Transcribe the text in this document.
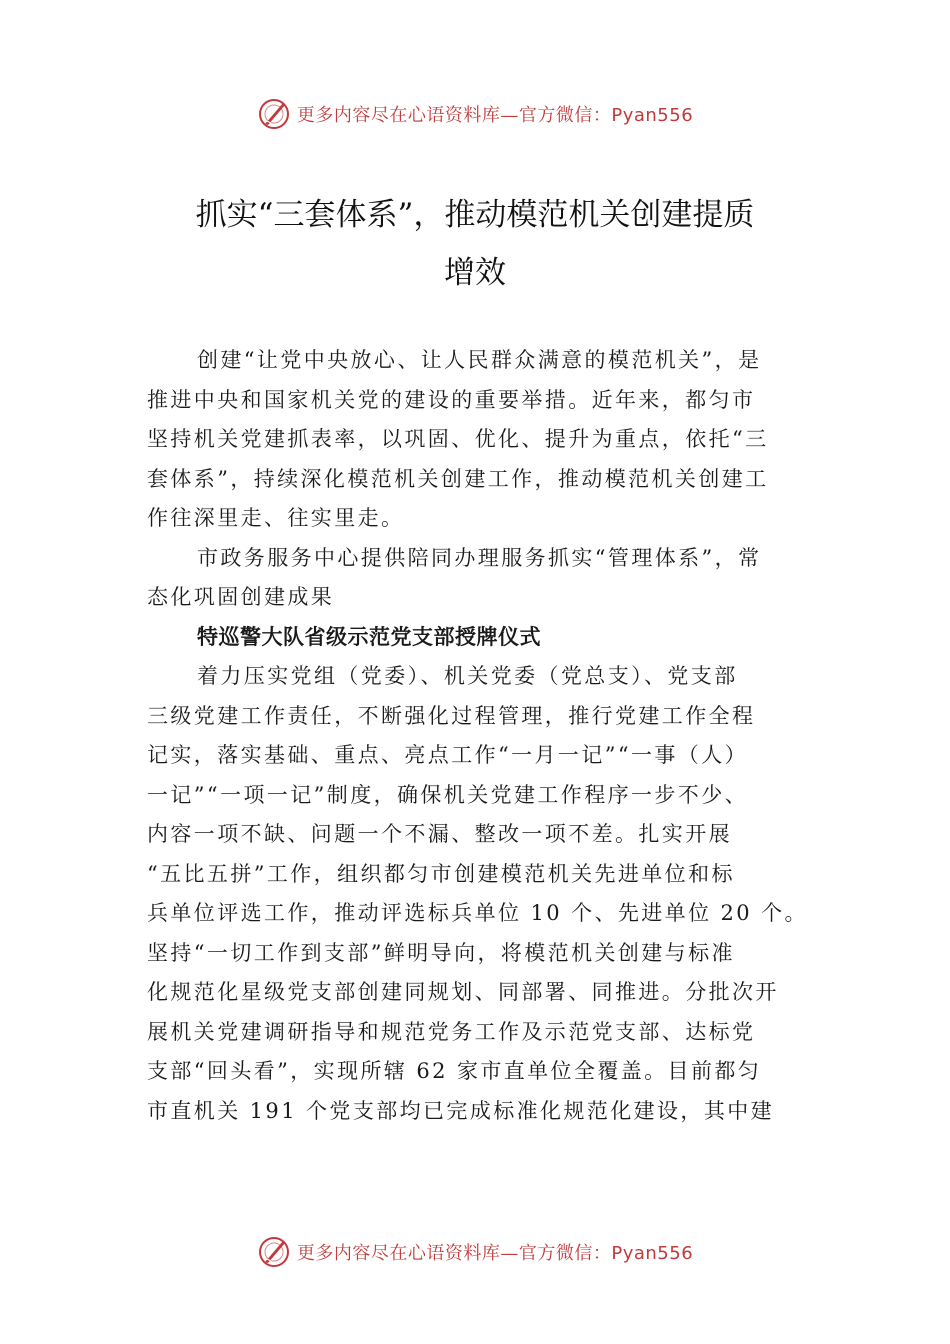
更多内容尽在心语资料库—官方微信：Pyan556
抓实“三套体系”，推动模范机关创建提质
增效

创建“让党中央放心、让人民群众满意的模范机关”，是
推进中央和国家机关党的建设的重要举措。近年来，都匀市
坚持机关党建抓表率，以巩固、优化、提升为重点，依托“三
套体系”，持续深化模范机关创建工作，推动模范机关创建工
作往深里走、往实里走。

市政务服务中心提供陪同办理服务抓实“管理体系”，常
态化巩固创建成果

特巡警大队省级示范党支部授牌仪式

着力压实党组（党委）、机关党委（党总支）、党支部
三级党建工作责任，不断强化过程管理，推行党建工作全程
记实，落实基础、重点、亮点工作“一月一记”“一事（人）
一记”“一项一记”制度，确保机关党建工作程序一步不少、
内容一项不缺、问题一个不漏、整改一项不差。扎实开展
“五比五拼”工作，组织都匀市创建模范机关先进单位和标
兵单位评选工作，推动评选标兵单位 10 个、先进单位 20 个。
坚持“一切工作到支部”鲜明导向，将模范机关创建与标准
化规范化星级党支部创建同规划、同部署、同推进。分批次开
展机关党建调研指导和规范党务工作及示范党支部、达标党
支部“回头看”，实现所辖 62 家市直单位全覆盖。目前都匀
市直机关 191 个党支部均已完成标准化规范化建设，其中建

更多内容尽在心语资料库—官方微信：Pyan556
